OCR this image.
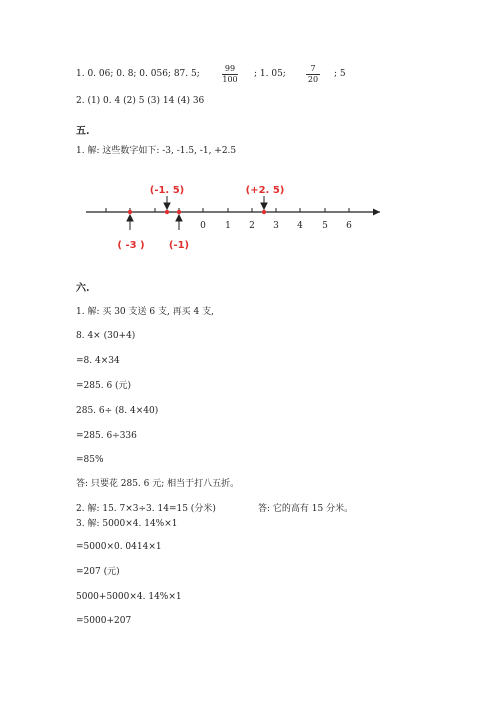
1. 0. 06; 0. 8; 0. 056; 87. 5;	$\frac{99}{100}$ ; 1. 05;	$\frac{7}{20}$ ; 5
2. (1) 0. 4 (2) 5 (3) 14 (4) 36
五.
1. 解: 这些数字如下: -3, -1.5, -1, +2.5
0 1 2 3 4 5 6
(-1. 5)	(+2. 5)
( -3 ) (-1)
六.
1. 解: 买 30 支送 6 支, 再买 4 支,
8. 4× (30+4)
=8. 4×34
=285. 6 (元)
285. 6÷ (8. 4×40)
=285. 6÷336
=85%
答: 只要花 285. 6 元; 相当于打八五折。
2. 解: 15. 7×3÷3. 14=15 (分米)	答: 它的高有 15 分米。
3. 解: 5000×4. 14%×1
=5000×0. 0414×1
=207 (元)
5000+5000×4. 14%×1
=5000+207
